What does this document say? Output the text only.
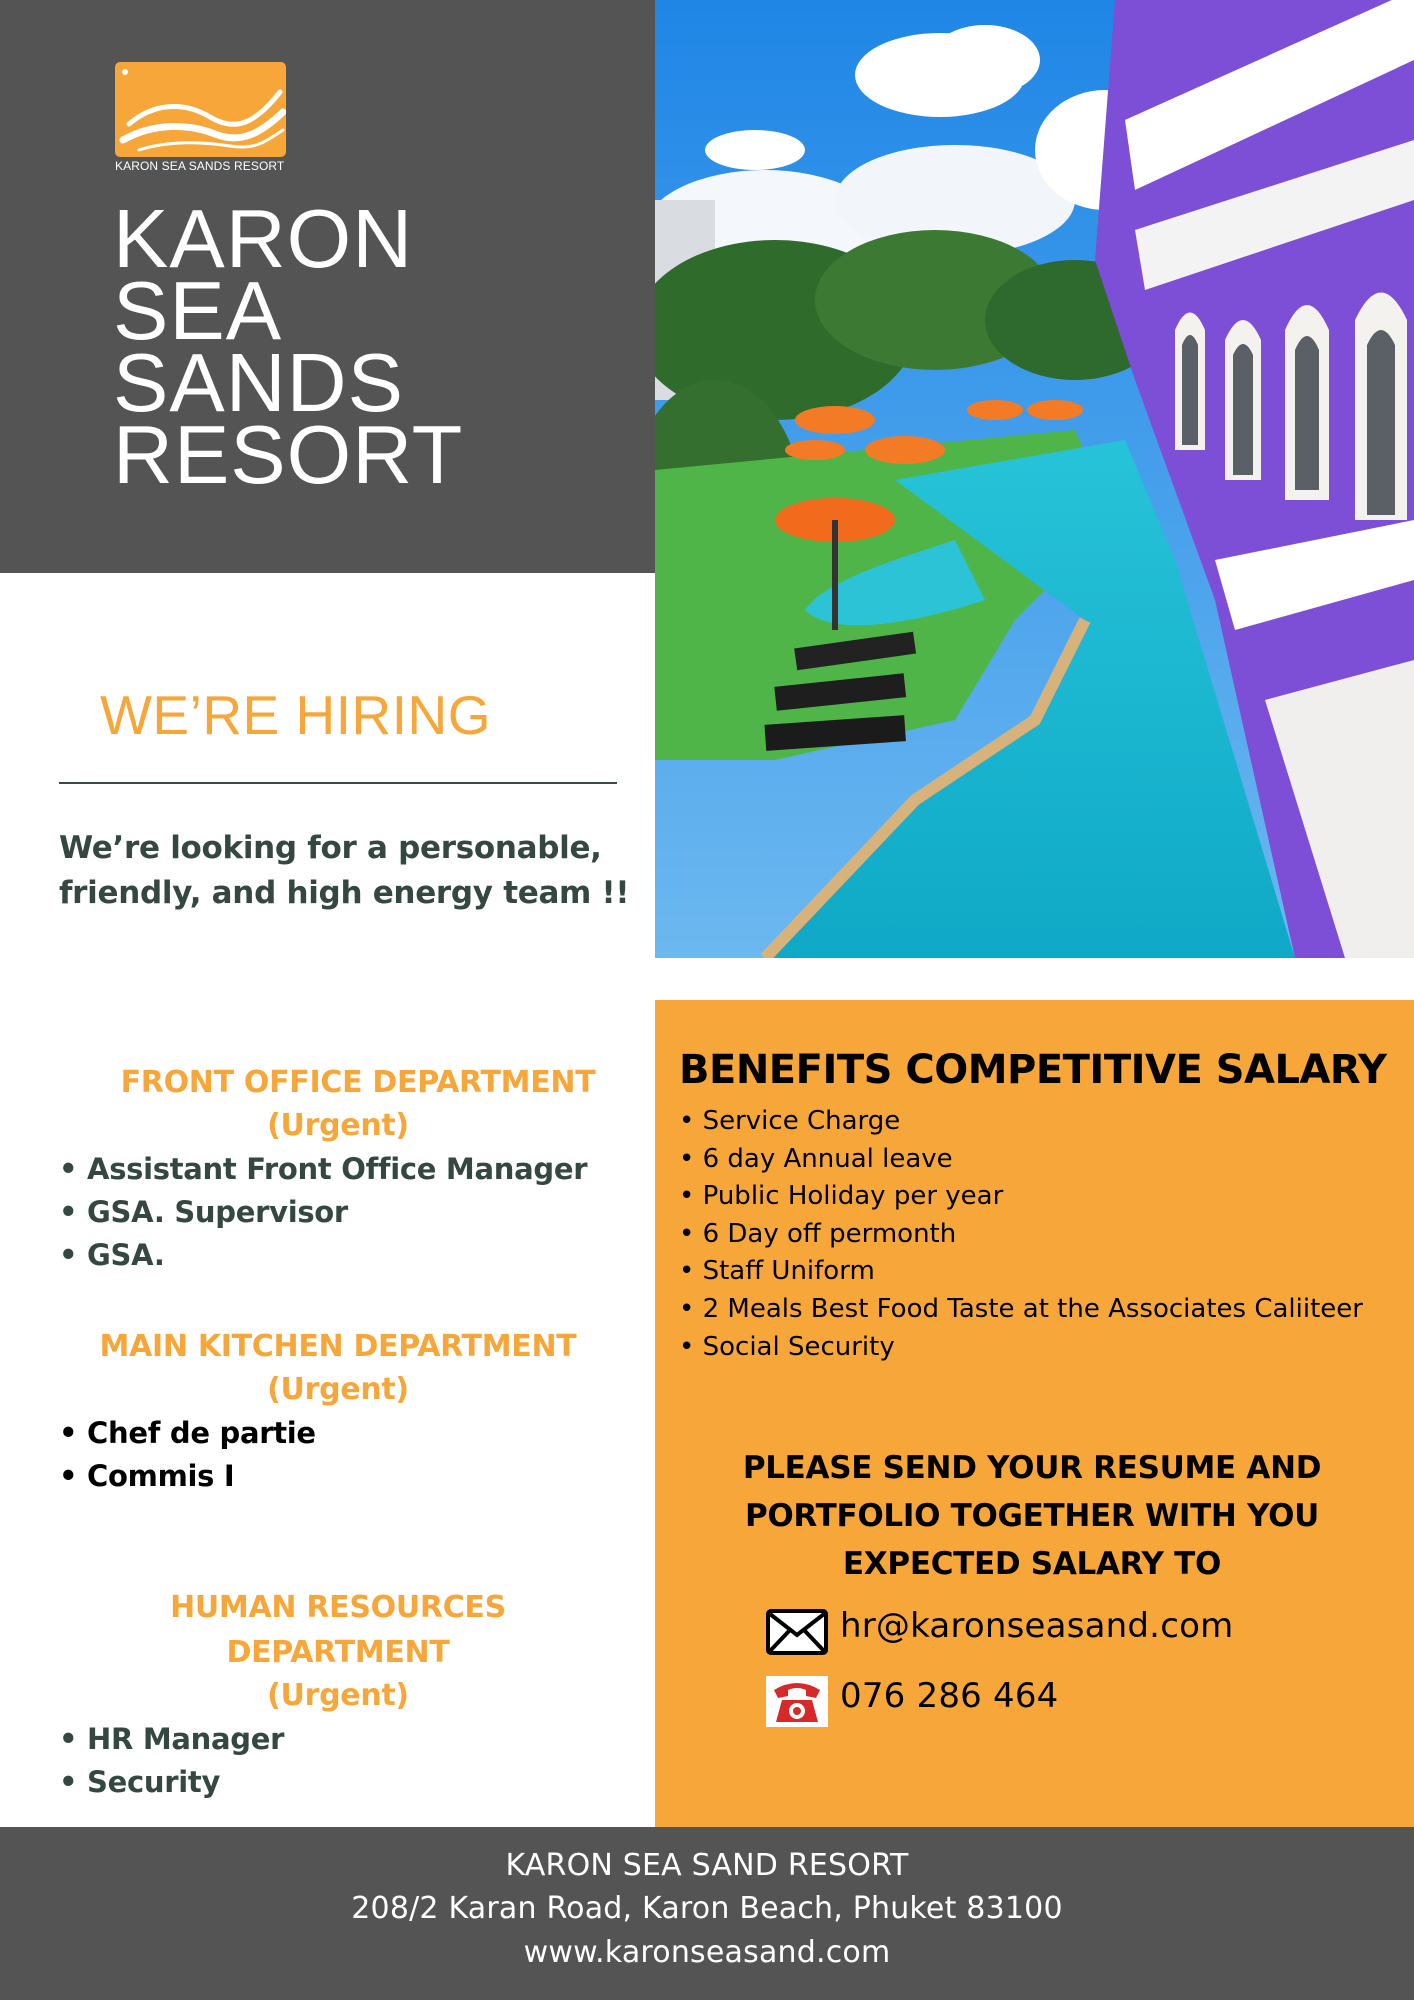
KARON SEA SANDS RESORT
KARON
SEA
SANDS
RESORT
WE’RE HIRING
We’re looking for a personable,
friendly, and high energy team !!
FRONT OFFICE DEPARTMENT
(Urgent)
• Assistant Front Office Manager
• GSA. Supervisor
• GSA.
MAIN KITCHEN DEPARTMENT
(Urgent)
• Chef de partie
• Commis I
HUMAN RESOURCES DEPARTMENT
(Urgent)
• HR Manager
• Security
BENEFITS COMPETITIVE SALARY
• Service Charge
• 6 day Annual leave
• Public Holiday per year
• 6 Day off permonth
• Staff Uniform
• 2 Meals Best Food Taste at the Associates Caliiteer
• Social Security
PLEASE SEND YOUR RESUME AND
PORTFOLIO TOGETHER WITH YOU
EXPECTED SALARY TO
hr@karonseasand.com
076 286 464
KARON SEA SAND RESORT
208/2 Karan Road, Karon Beach, Phuket 83100
www.karonseasand.com
